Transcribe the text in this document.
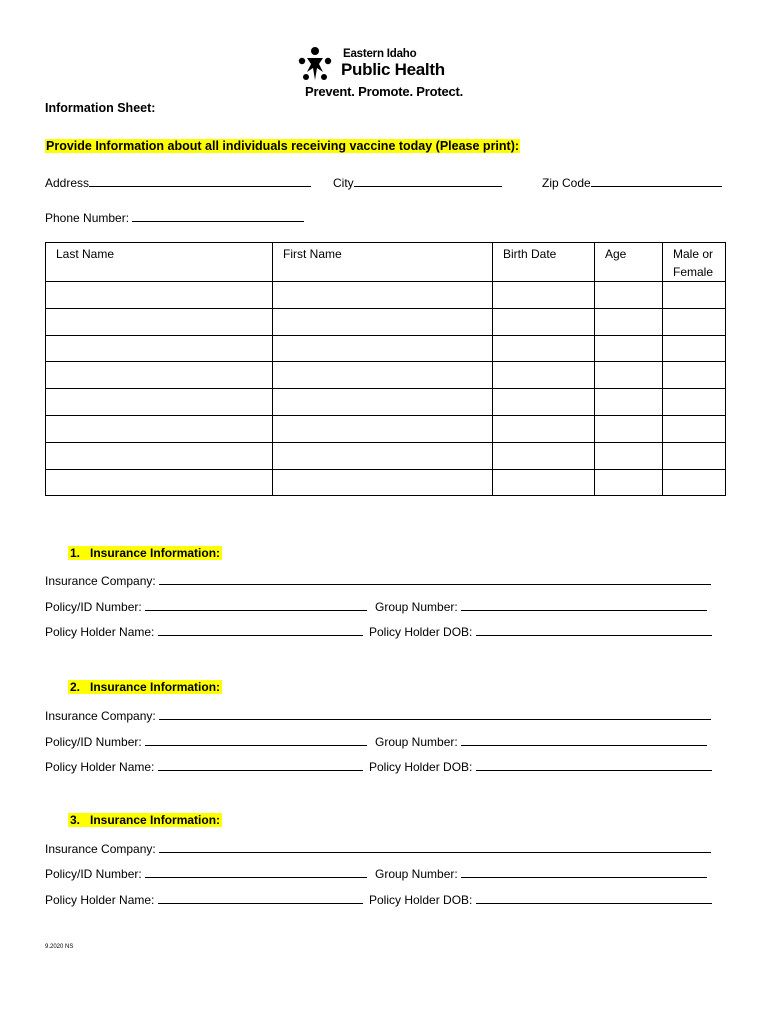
Eastern Idaho
Public Health
Prevent. Promote. Protect.
Information Sheet:
Provide Information about all individuals receiving vaccine today (Please print):
Address	City	Zip Code
Phone Number:
Last Name	First Name	Birth Date	Age	Male or Female

1. Insurance Information:
Insurance Company:
Policy/ID Number:	Group Number:
Policy Holder Name:	Policy Holder DOB:
2. Insurance Information:
Insurance Company:
Policy/ID Number:	Group Number:
Policy Holder Name:	Policy Holder DOB:
3. Insurance Information:
Insurance Company:
Policy/ID Number:	Group Number:
Policy Holder Name:	Policy Holder DOB:
9.2020 NS
